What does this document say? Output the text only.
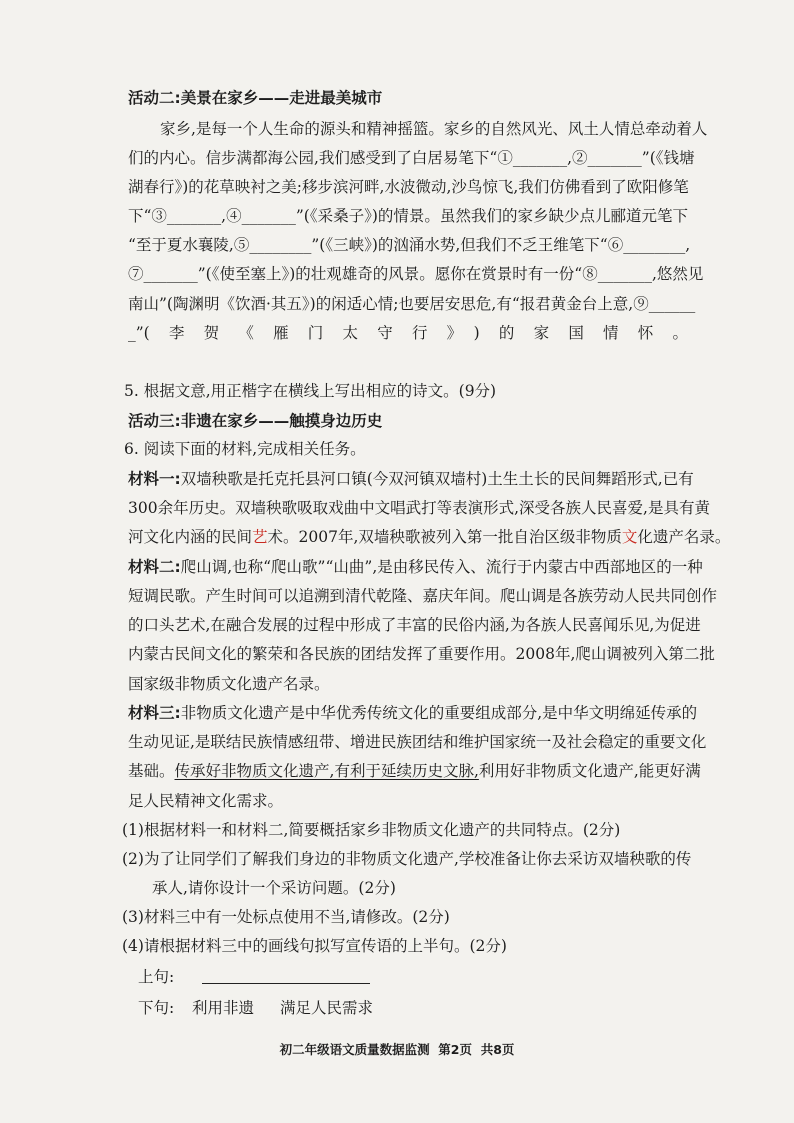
活动二:美景在家乡——走进最美城市
家乡,是每一个人生命的源头和精神摇篮。家乡的自然风光、风土人情总牵动着人
们的内心。信步满都海公园,我们感受到了白居易笔下“①_______,②_______”(《钱塘
湖春行》)的花草映衬之美;移步滨河畔,水波微动,沙鸟惊飞,我们仿佛看到了欧阳修笔
下“③_______,④_______”(《采桑子》)的情景。虽然我们的家乡缺少点儿郦道元笔下
“至于夏水襄陵,⑤________”(《三峡》)的汹涌水势,但我们不乏王维笔下“⑥________,
⑦_______”(《使至塞上》)的壮观雄奇的风景。愿你在赏景时有一份“⑧_______,悠然见
南山”(陶渊明《饮酒·其五》)的闲适心情;也要居安思危,有“报君黄金台上意,⑨______
_”(李贺《雁门太守行》)的家国情怀。
5. 根据文意,用正楷字在横线上写出相应的诗文。(9分)
活动三:非遗在家乡——触摸身边历史
6. 阅读下面的材料,完成相关任务。
材料一:双墙秧歌是托克托县河口镇(今双河镇双墙村)土生土长的民间舞蹈形式,已有
300余年历史。双墙秧歌吸取戏曲中文唱武打等表演形式,深受各族人民喜爱,是具有黄
河文化内涵的民间艺术。2007年,双墙秧歌被列入第一批自治区级非物质文化遗产名录。
材料二:爬山调,也称“爬山歌”“山曲”,是由移民传入、流行于内蒙古中西部地区的一种
短调民歌。产生时间可以追溯到清代乾隆、嘉庆年间。爬山调是各族劳动人民共同创作
的口头艺术,在融合发展的过程中形成了丰富的民俗内涵,为各族人民喜闻乐见,为促进
内蒙古民间文化的繁荣和各民族的团结发挥了重要作用。2008年,爬山调被列入第二批
国家级非物质文化遗产名录。
材料三:非物质文化遗产是中华优秀传统文化的重要组成部分,是中华文明绵延传承的
生动见证,是联结民族情感纽带、增进民族团结和维护国家统一及社会稳定的重要文化
基础。传承好非物质文化遗产,有利于延续历史文脉,利用好非物质文化遗产,能更好满
足人民精神文化需求。
(1)根据材料一和材料二,简要概括家乡非物质文化遗产的共同特点。(2分)
(2)为了让同学们了解我们身边的非物质文化遗产,学校准备让你去采访双墙秧歌的传
承人,请你设计一个采访问题。(2分)
(3)材料三中有一处标点使用不当,请修改。(2分)
(4)请根据材料三中的画线句拟写宣传语的上半句。(2分)
上句:
下句: 利用非遗 满足人民需求
初二年级语文质量数据监测 第2页 共8页
